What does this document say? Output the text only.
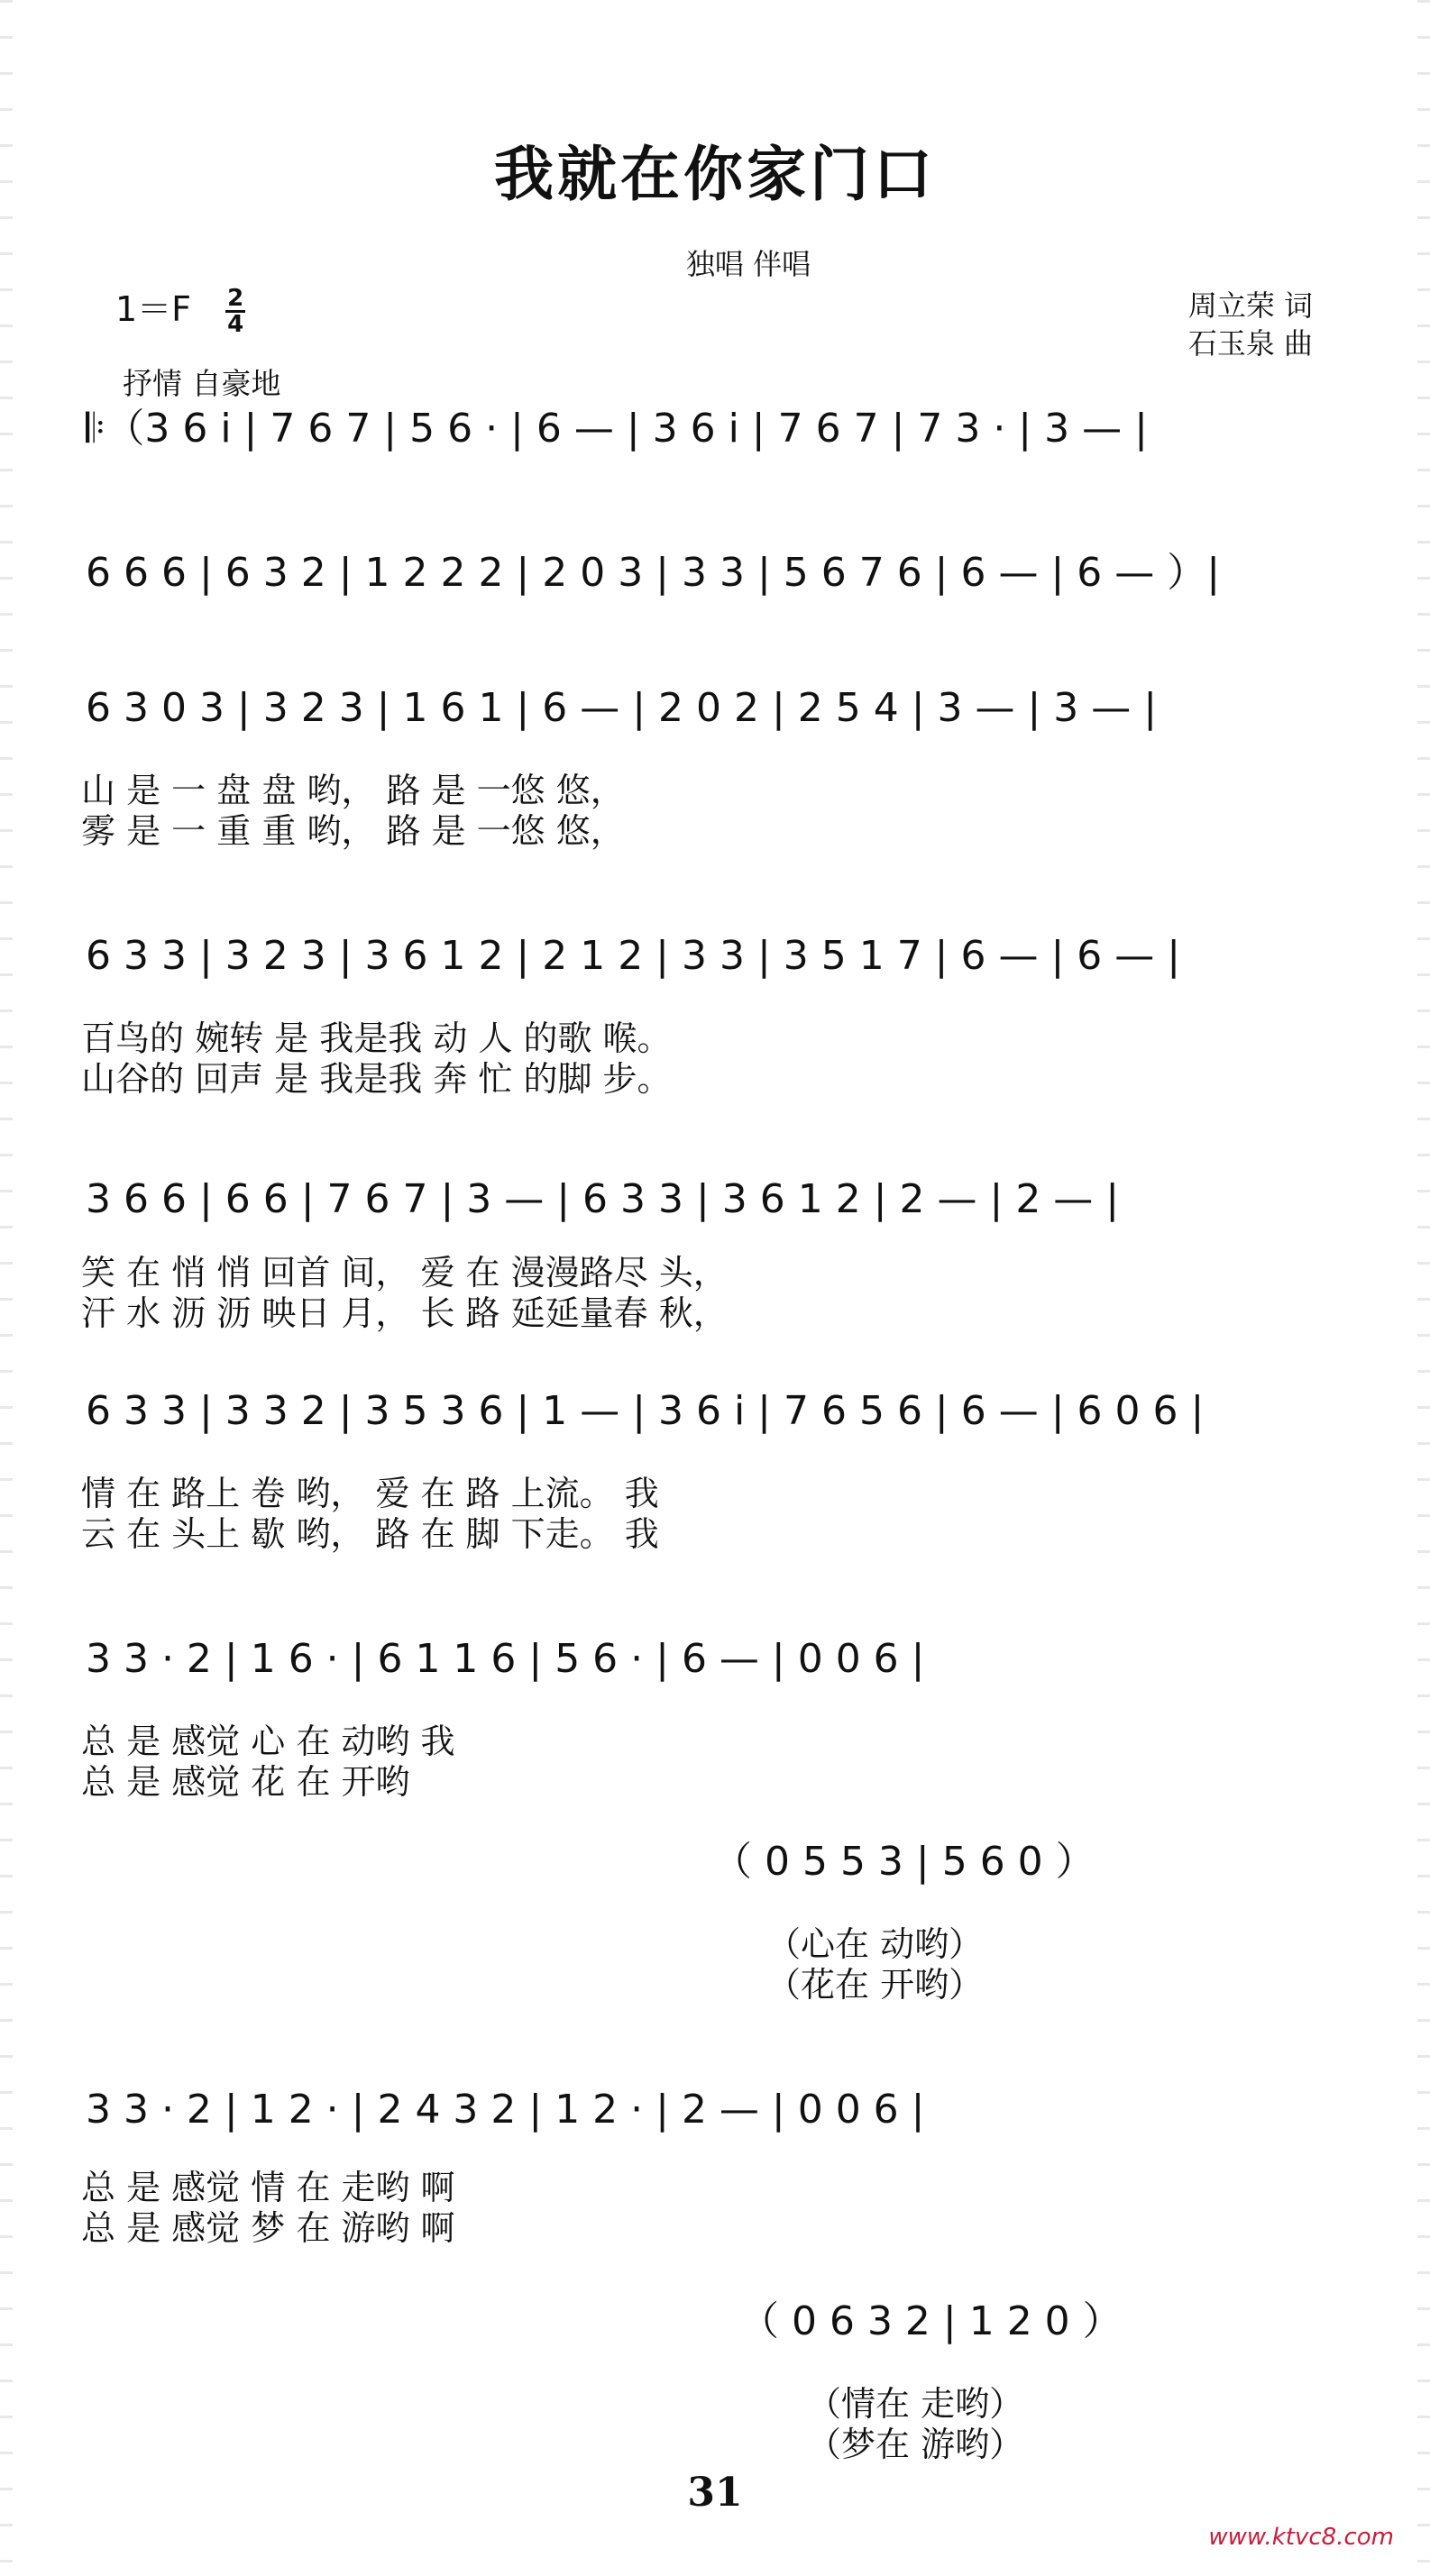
我就在你家门口
独唱 伴唱
$1=F \frac{2}{4}$	周立荣 词
石玉泉 曲
抒情 自豪地
𝄆（3 6 i | 7 6 7 | 5 6 · | 6 — | 3 6 i | 7 6 7 | 7 3 · | 3 — |
6 6 6 | 6 3 2 | 1 2 2 2 | 2 0 3 | 3 3 | 5 6 7 6 | 6 — | 6 — ）|
6 3 0 3 | 3 2 3 | 1 6 1 | 6 — | 2 0 2 | 2 5 4 | 3 — | 3 — |
6 3 3 | 3 2 3 | 3 6 1 2 | 2 1 2 | 3 3 | 3 5 1 7 | 6 — | 6 — |
3 6 6 | 6 6 | 7 6 7 | 3 — | 6 3 3 | 3 6 1 2 | 2 — | 2 — |
6 3 3 | 3 3 2 | 3 5 3 6 | 1 — | 3 6 i | 7 6 5 6 | 6 — | 6 0 6 |
3 3 · 2 | 1 6 · | 6 1 1 6 | 5 6 · | 6 — | 0 0 6 |
（ 0 5 5 3 | 5 6 0 ）
3 3 · 2 | 1 2 · | 2 4 3 2 | 1 2 · | 2 — | 0 0 6 |
（ 0 6 3 2 | 1 2 0 ）
山 是 一 盘 盘 哟， 路 是 一悠 悠，
雾 是 一 重 重 哟， 路 是 一悠 悠，
百鸟的 婉转 是 我是我 动 人 的歌 喉。
山谷的 回声 是 我是我 奔 忙 的脚 步。
笑 在 悄 悄 回首 间， 爱 在 漫漫路尽 头，
汗 水 沥 沥 映日 月， 长 路 延延量春 秋，
情 在 路上 卷 哟， 爱 在 路 上流。 我
云 在 头上 歇 哟， 路 在 脚 下走。 我
总 是 感觉 心 在 动哟 我
总 是 感觉 花 在 开哟
（心在 动哟）
（花在 开哟）
总 是 感觉 情 在 走哟 啊
总 是 感觉 梦 在 游哟 啊
（情在 走哟）
（梦在 游哟）
31
www.ktvc8.com
